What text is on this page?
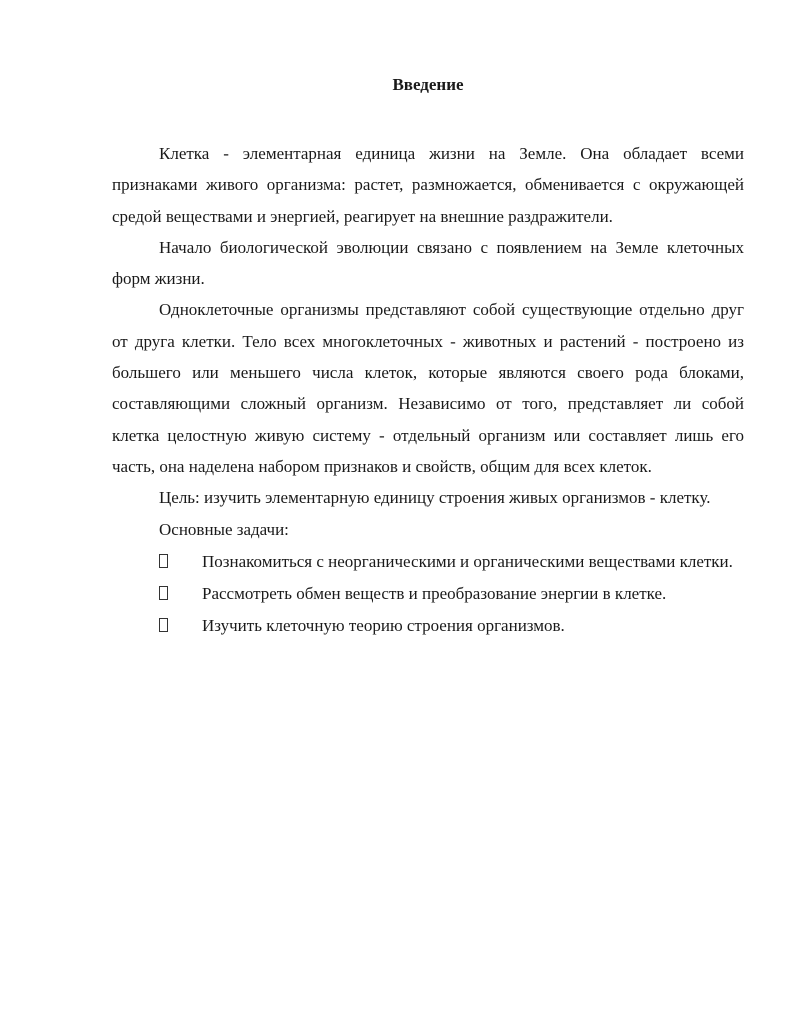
Введение

Клетка - элементарная единица жизни на Земле. Она обладает всеми признаками живого организма: растет, размножается, обменивается с окружающей средой веществами и энергией, реагирует на внешние раздражители.

Начало биологической эволюции связано с появлением на Земле клеточных форм жизни.

Одноклеточные организмы представляют собой существующие отдельно друг от друга клетки. Тело всех многоклеточных - животных и растений - построено из большего или меньшего числа клеток, которые являются своего рода блоками, составляющими сложный организм. Независимо от того, представляет ли собой клетка целостную живую систему - отдельный организм или составляет лишь его часть, она наделена набором признаков и свойств, общим для всех клеток.

Цель: изучить элементарную единицу строения живых организмов - клетку.

Основные задачи:

Познакомиться с неорганическими и органическими веществами клетки.

Рассмотреть обмен веществ и преобразование энергии в клетке.

Изучить клеточную теорию строения организмов.
